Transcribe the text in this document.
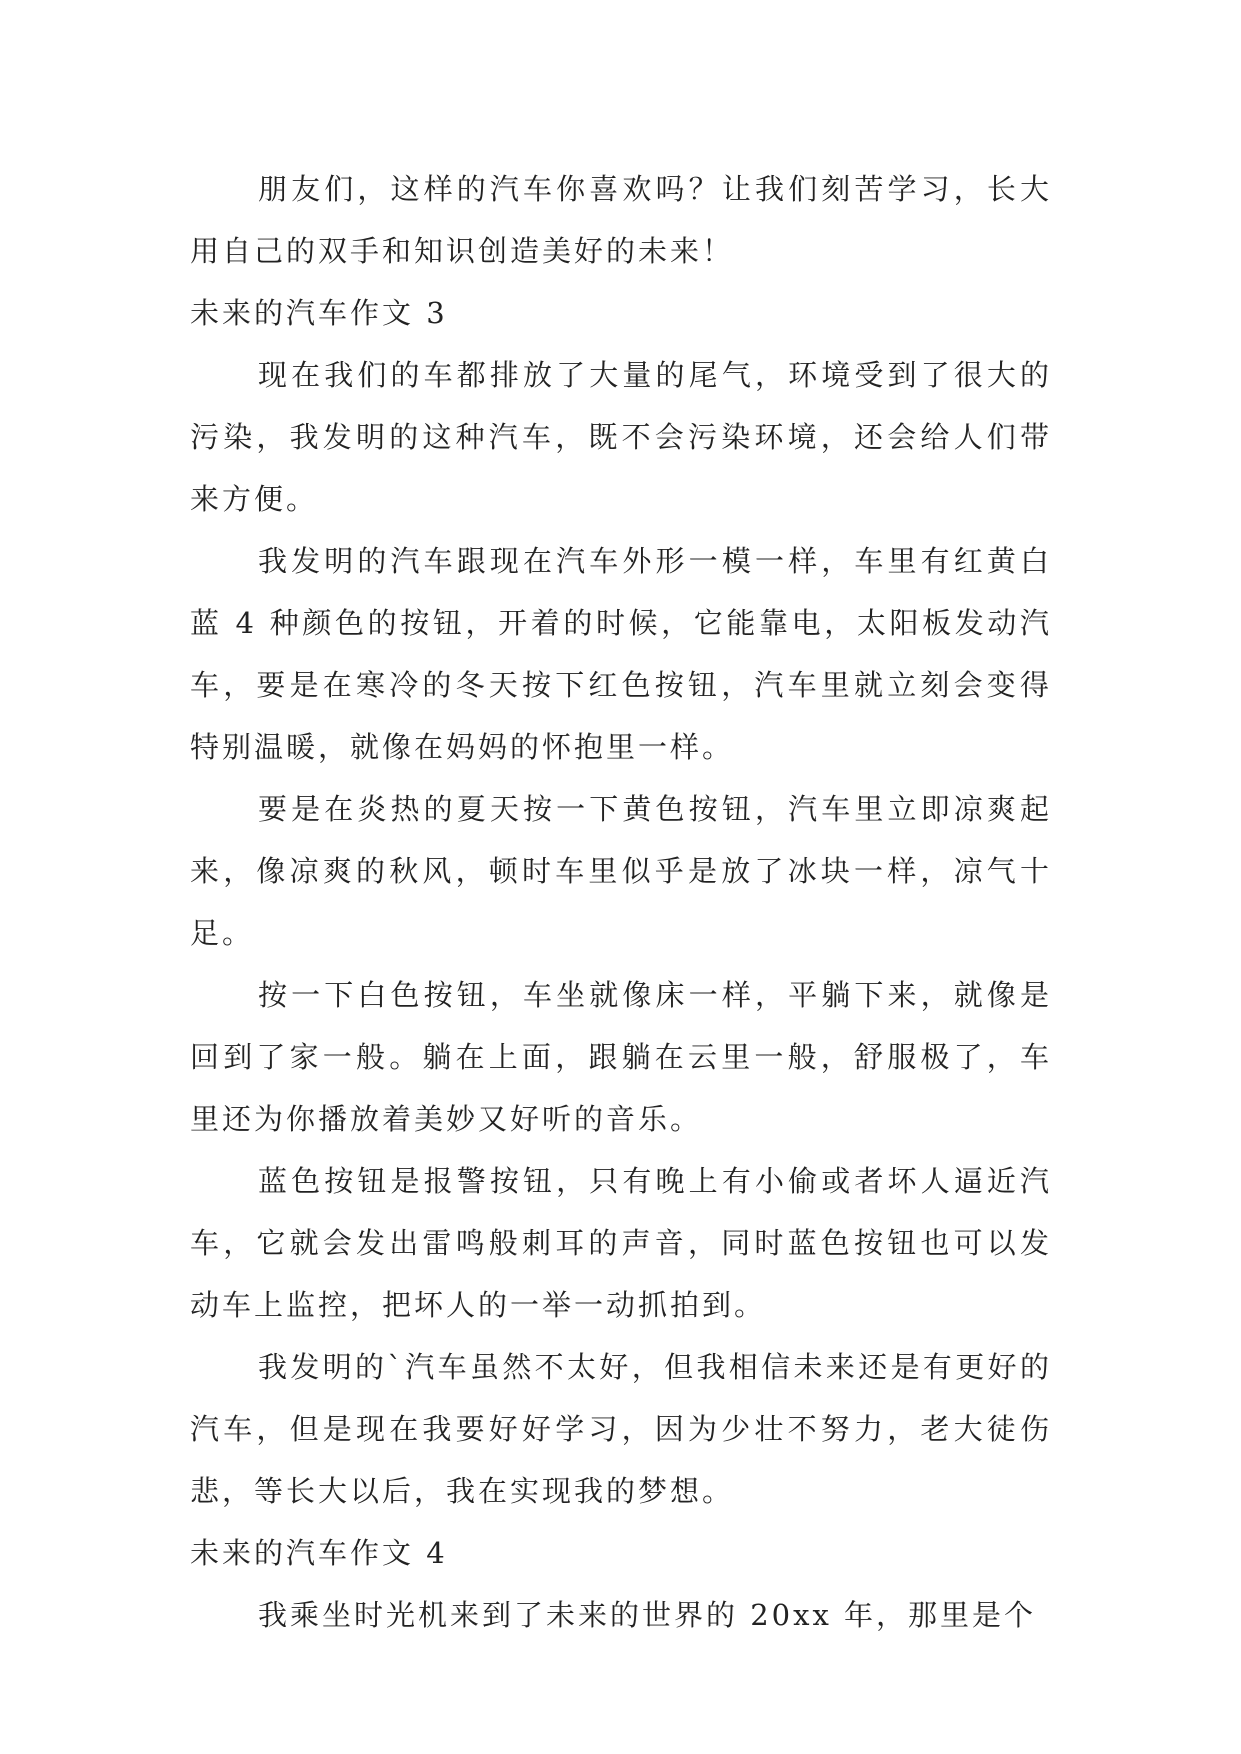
朋友们，这样的汽车你喜欢吗？让我们刻苦学习，长大用自己的双手和知识创造美好的未来！

未来的汽车作文 3

现在我们的车都排放了大量的尾气，环境受到了很大的污染，我发明的这种汽车，既不会污染环境，还会给人们带来方便。

我发明的汽车跟现在汽车外形一模一样，车里有红黄白蓝 4 种颜色的按钮，开着的时候，它能靠电，太阳板发动汽车，要是在寒冷的冬天按下红色按钮，汽车里就立刻会变得特别温暖，就像在妈妈的怀抱里一样。

要是在炎热的夏天按一下黄色按钮，汽车里立即凉爽起来，像凉爽的秋风，顿时车里似乎是放了冰块一样，凉气十足。

按一下白色按钮，车坐就像床一样，平躺下来，就像是回到了家一般。躺在上面，跟躺在云里一般，舒服极了，车里还为你播放着美妙又好听的音乐。

蓝色按钮是报警按钮，只有晚上有小偷或者坏人逼近汽车，它就会发出雷鸣般刺耳的声音，同时蓝色按钮也可以发动车上监控，把坏人的一举一动抓拍到。

我发明的`汽车虽然不太好，但我相信未来还是有更好的汽车，但是现在我要好好学习，因为少壮不努力，老大徒伤悲，等长大以后，我在实现我的梦想。

未来的汽车作文 4

我乘坐时光机来到了未来的世界的 20xx 年，那里是个
